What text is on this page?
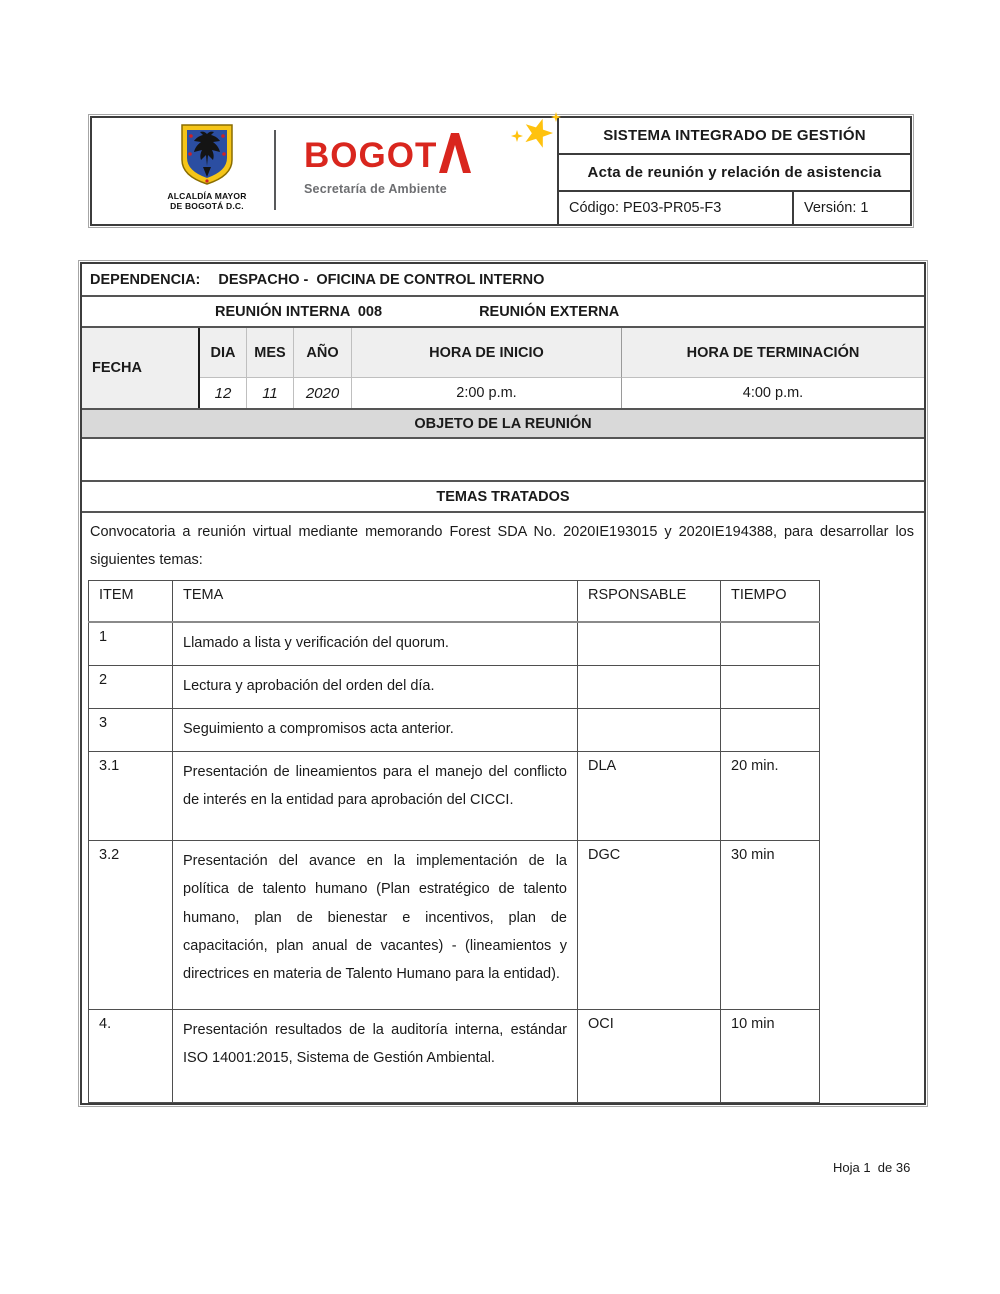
ALCALDÍA MAYOR
DE BOGOTÁ D.C.
BOGOT
Secretaría de Ambiente
SISTEMA INTEGRADO DE GESTIÓN
Acta de reunión y relación de asistencia
Código: PE03-PR05-F3	Versión: 1
DEPENDENCIA: DESPACHO -  OFICINA DE CONTROL INTERNO
REUNIÓN INTERNA  008	REUNIÓN EXTERNA
FECHA
DIA	MES	AÑO	HORA DE INICIO	HORA DE TERMINACIÓN
12	11	2020	2:00 p.m.	4:00 p.m.
OBJETO DE LA REUNIÓN
TEMAS TRATADOS

Convocatoria a reunión virtual mediante memorando Forest SDA No. 2020IE193015 y 2020IE194388, para desarrollar los siguientes temas:

ITEM	TEMA	RSPONSABLE	TIEMPO
1	Llamado a lista y verificación del quorum.		
2	Lectura y aprobación del orden del día.		
3	Seguimiento a compromisos acta anterior.		
3.1	Presentación de lineamientos para el manejo del conflicto de interés en la entidad para aprobación del CICCI.	DLA	20 min.
3.2	Presentación del avance en la implementación de la política de talento humano (Plan estratégico de talento humano, plan de bienestar e incentivos, plan de capacitación, plan anual de vacantes) - (lineamientos y directrices en materia de Talento Humano para la entidad).	DGC	30 min
4.	Presentación resultados de la auditoría interna, estándar ISO 14001:2015, Sistema de Gestión Ambiental.	OCI	10 min
Hoja 1  de 36
